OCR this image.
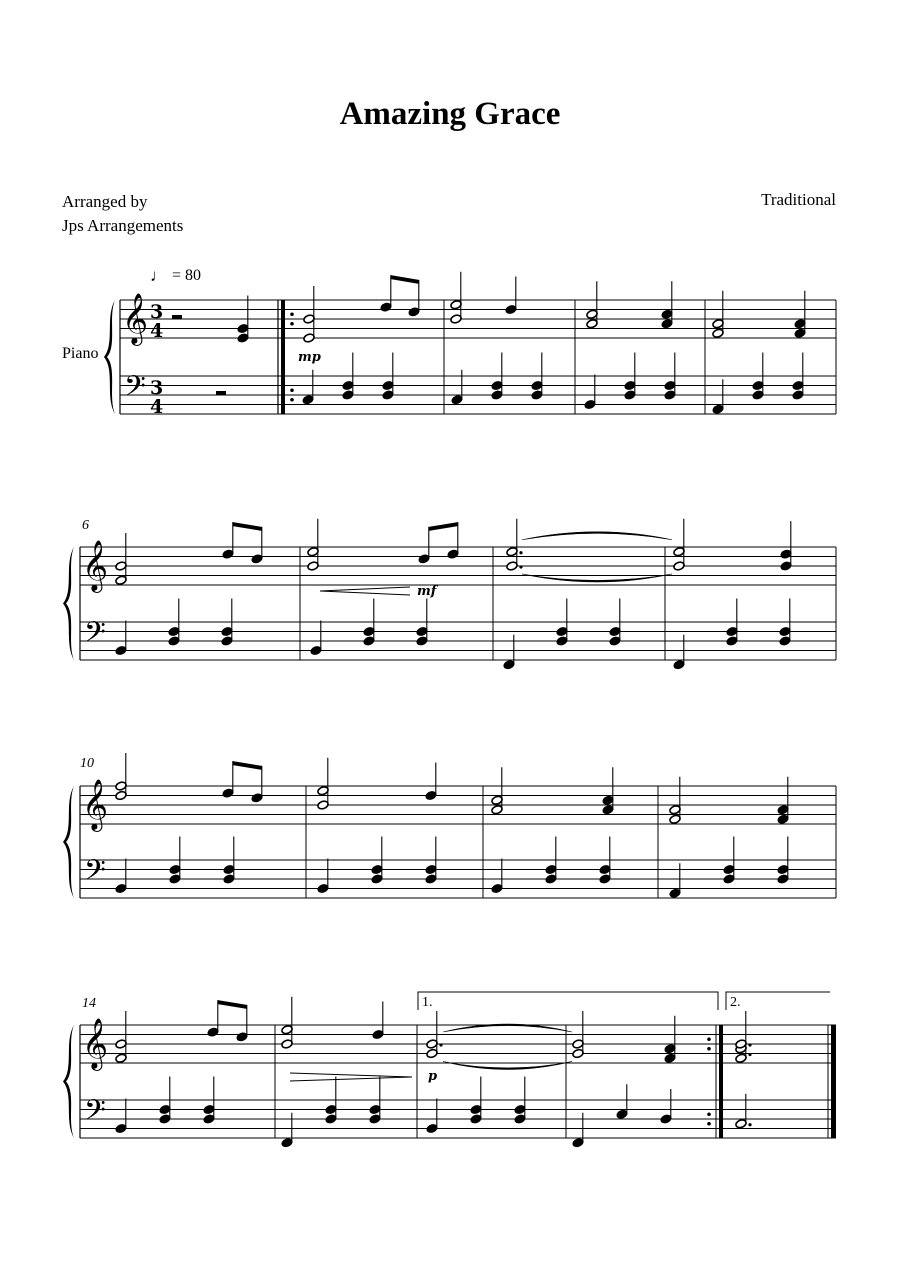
Amazing Grace
Arranged by
Jps Arrangements
Traditional
♩ = 80
Piano
6
10
14
𝄞
𝄢
3
4
3
4
mp
𝄞
𝄢
mf
𝄞
𝄢
𝄞
𝄢
1.
p
2.
